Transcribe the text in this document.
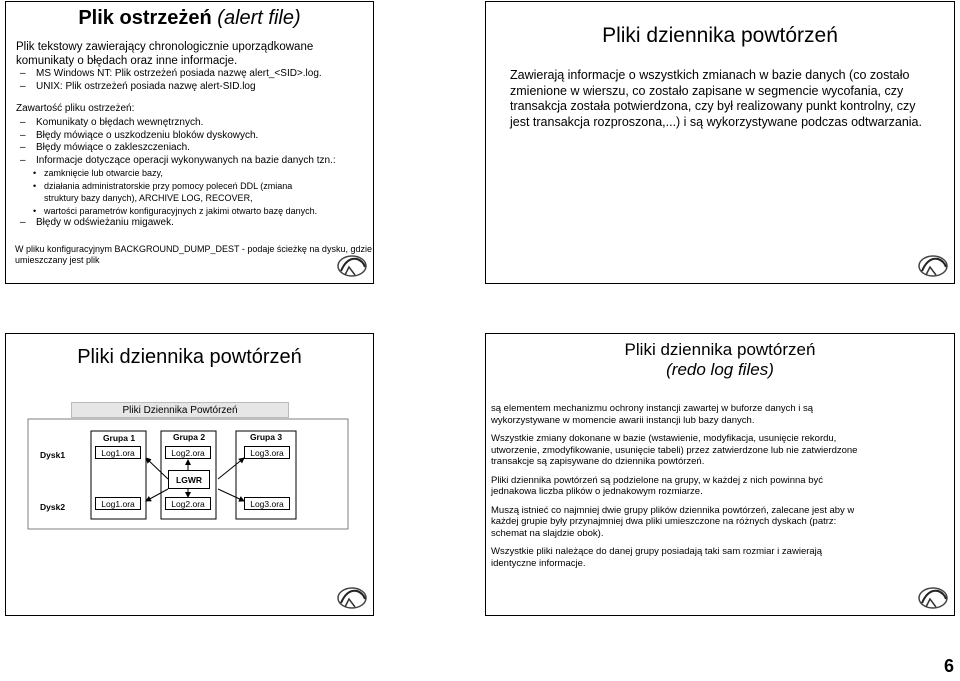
Plik ostrzeżeń (alert file)
Plik tekstowy zawierający chronologicznie uporządkowane komunikaty o błędach oraz inne informacje.
– MS Windows NT: Plik ostrzeżeń posiada nazwę alert_<SID>.log.
– UNIX: Plik ostrzeżeń posiada nazwę alert-SID.log
Zawartość pliku ostrzeżeń:
– Komunikaty o błędach wewnętrznych.
– Błędy mówiące o uszkodzeniu bloków dyskowych.
– Błędy mówiące o zakleszczeniach.
– Informacje dotyczące operacji wykonywanych na bazie danych tzn.:
• zamknięcie lub otwarcie bazy,
• działania administratorskie przy pomocy poleceń DDL (zmiana struktury bazy danych), ARCHIVE LOG, RECOVER,
• wartości parametrów konfiguracyjnych z jakimi otwarto bazę danych.
– Błędy w odświeżaniu migawek.
W pliku konfiguracyjnym BACKGROUND_DUMP_DEST - podaje ścieżkę na dysku, gdzie umieszczany jest plik
Pliki dziennika powtórzeń
Zawierają informacje o wszystkich zmianach w bazie danych (co zostało zmienione w wierszu, co zostało zapisane w segmencie wycofania, czy transakcja została potwierdzona, czy był realizowany punkt kontrolny, czy jest transakcja rozproszona,...) i są wykorzystywane podczas odtwarzania.
Pliki dziennika powtórzeń
Pliki Dziennika Powtórzeń
Dysk1
Dysk2
Grupa 1	Grupa 2	Grupa 3
Log1.ora	Log2.ora	Log3.ora
LGWR
Log1.ora	Log2.ora	Log3.ora
Pliki dziennika powtórzeń
(redo log files)

są elementem mechanizmu ochrony instancji zawartej w buforze danych i są wykorzystywane w momencie awarii instancji lub bazy danych.

Wszystkie zmiany dokonane w bazie (wstawienie, modyfikacja, usunięcie rekordu, utworzenie, zmodyfikowanie, usunięcie tabeli) przez zatwierdzone lub nie zatwierdzone transakcje są zapisywane do dziennika powtórzeń.

Pliki dziennika powtórzeń są podzielone na grupy, w każdej z nich powinna być jednakowa liczba plików o jednakowym rozmiarze.

Muszą istnieć co najmniej dwie grupy plików dziennika powtórzeń, zalecane jest aby w każdej grupie były przynajmniej dwa pliki umieszczone na różnych dyskach (patrz: schemat na slajdzie obok).

Wszystkie pliki należące do danej grupy posiadają taki sam rozmiar i zawierają identyczne informacje.

6
